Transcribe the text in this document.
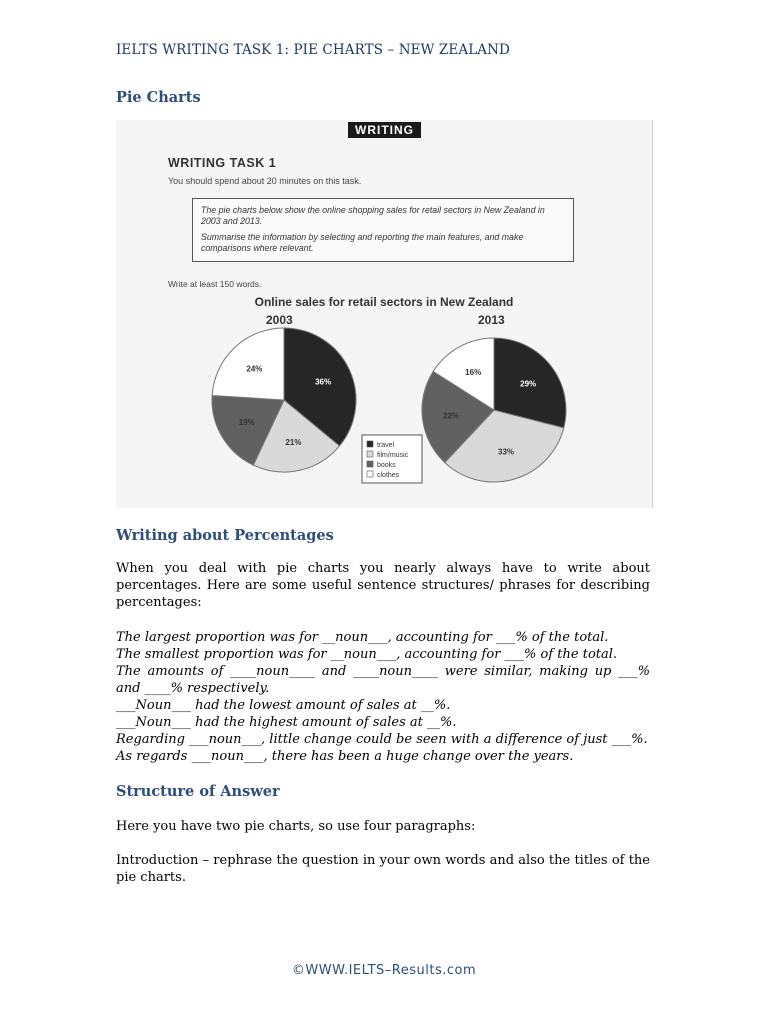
IELTS WRITING TASK 1: PIE CHARTS – NEW ZEALAND
Pie Charts
WRITING
WRITING TASK 1
You should spend about 20 minutes on this task.

The pie charts below show the online shopping sales for retail sectors in New Zealand in 2003 and 2013.

Summarise the information by selecting and reporting the main features, and make comparisons where relevant.

Write at least 150 words.
Online sales for retail sectors in New Zealand
2003	2013
36%
21%
19%
24%
29%
33%
22%
16%
travel
film/music
books
clothes
Writing about Percentages
When you deal with pie charts you nearly always have to write about percentages. Here are some useful sentence structures/ phrases for describing percentages:
The largest proportion was for __noun___, accounting for ___% of the total.
The smallest proportion was for __noun___, accounting for ___% of the total.
The amounts of ____noun____ and ____noun____ were similar, making up ___% and ____% respectively.
___Noun___ had the lowest amount of sales at __%.
___Noun___ had the highest amount of sales at __%.
Regarding ___noun___, little change could be seen with a difference of just ___%.
As regards ___noun___, there has been a huge change over the years.
Structure of Answer
Here you have two pie charts, so use four paragraphs:
Introduction – rephrase the question in your own words and also the titles of the pie charts.
©WWW.IELTS–Results.com
